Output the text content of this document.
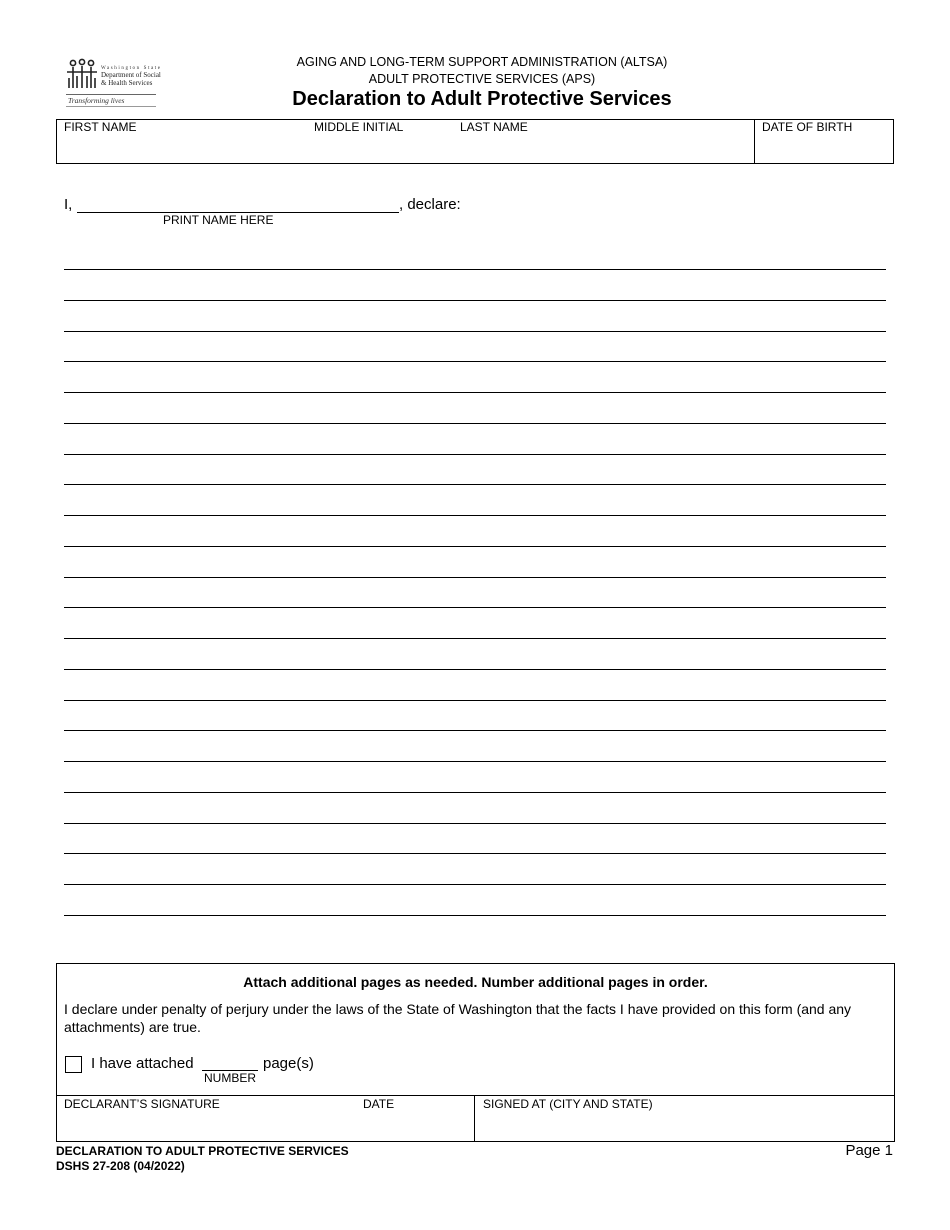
Washington State
Department of Social
& Health Services
Transforming lives
AGING AND LONG-TERM SUPPORT ADMINISTRATION (ALTSA)
ADULT PROTECTIVE SERVICES (APS)
Declaration to Adult Protective Services
FIRST NAME	MIDDLE INITIAL	LAST NAME	DATE OF BIRTH
I,	, declare:
PRINT NAME HERE
Attach additional pages as needed. Number additional pages in order.
I declare under penalty of perjury under the laws of the State of Washington that the facts I have provided on this form (and any attachments) are true.
I have attached	page(s)
NUMBER
DECLARANT’S SIGNATURE	DATE	SIGNED AT (CITY AND STATE)
DECLARATION TO ADULT PROTECTIVE SERVICES
DSHS 27-208 (04/2022)
Page 1
